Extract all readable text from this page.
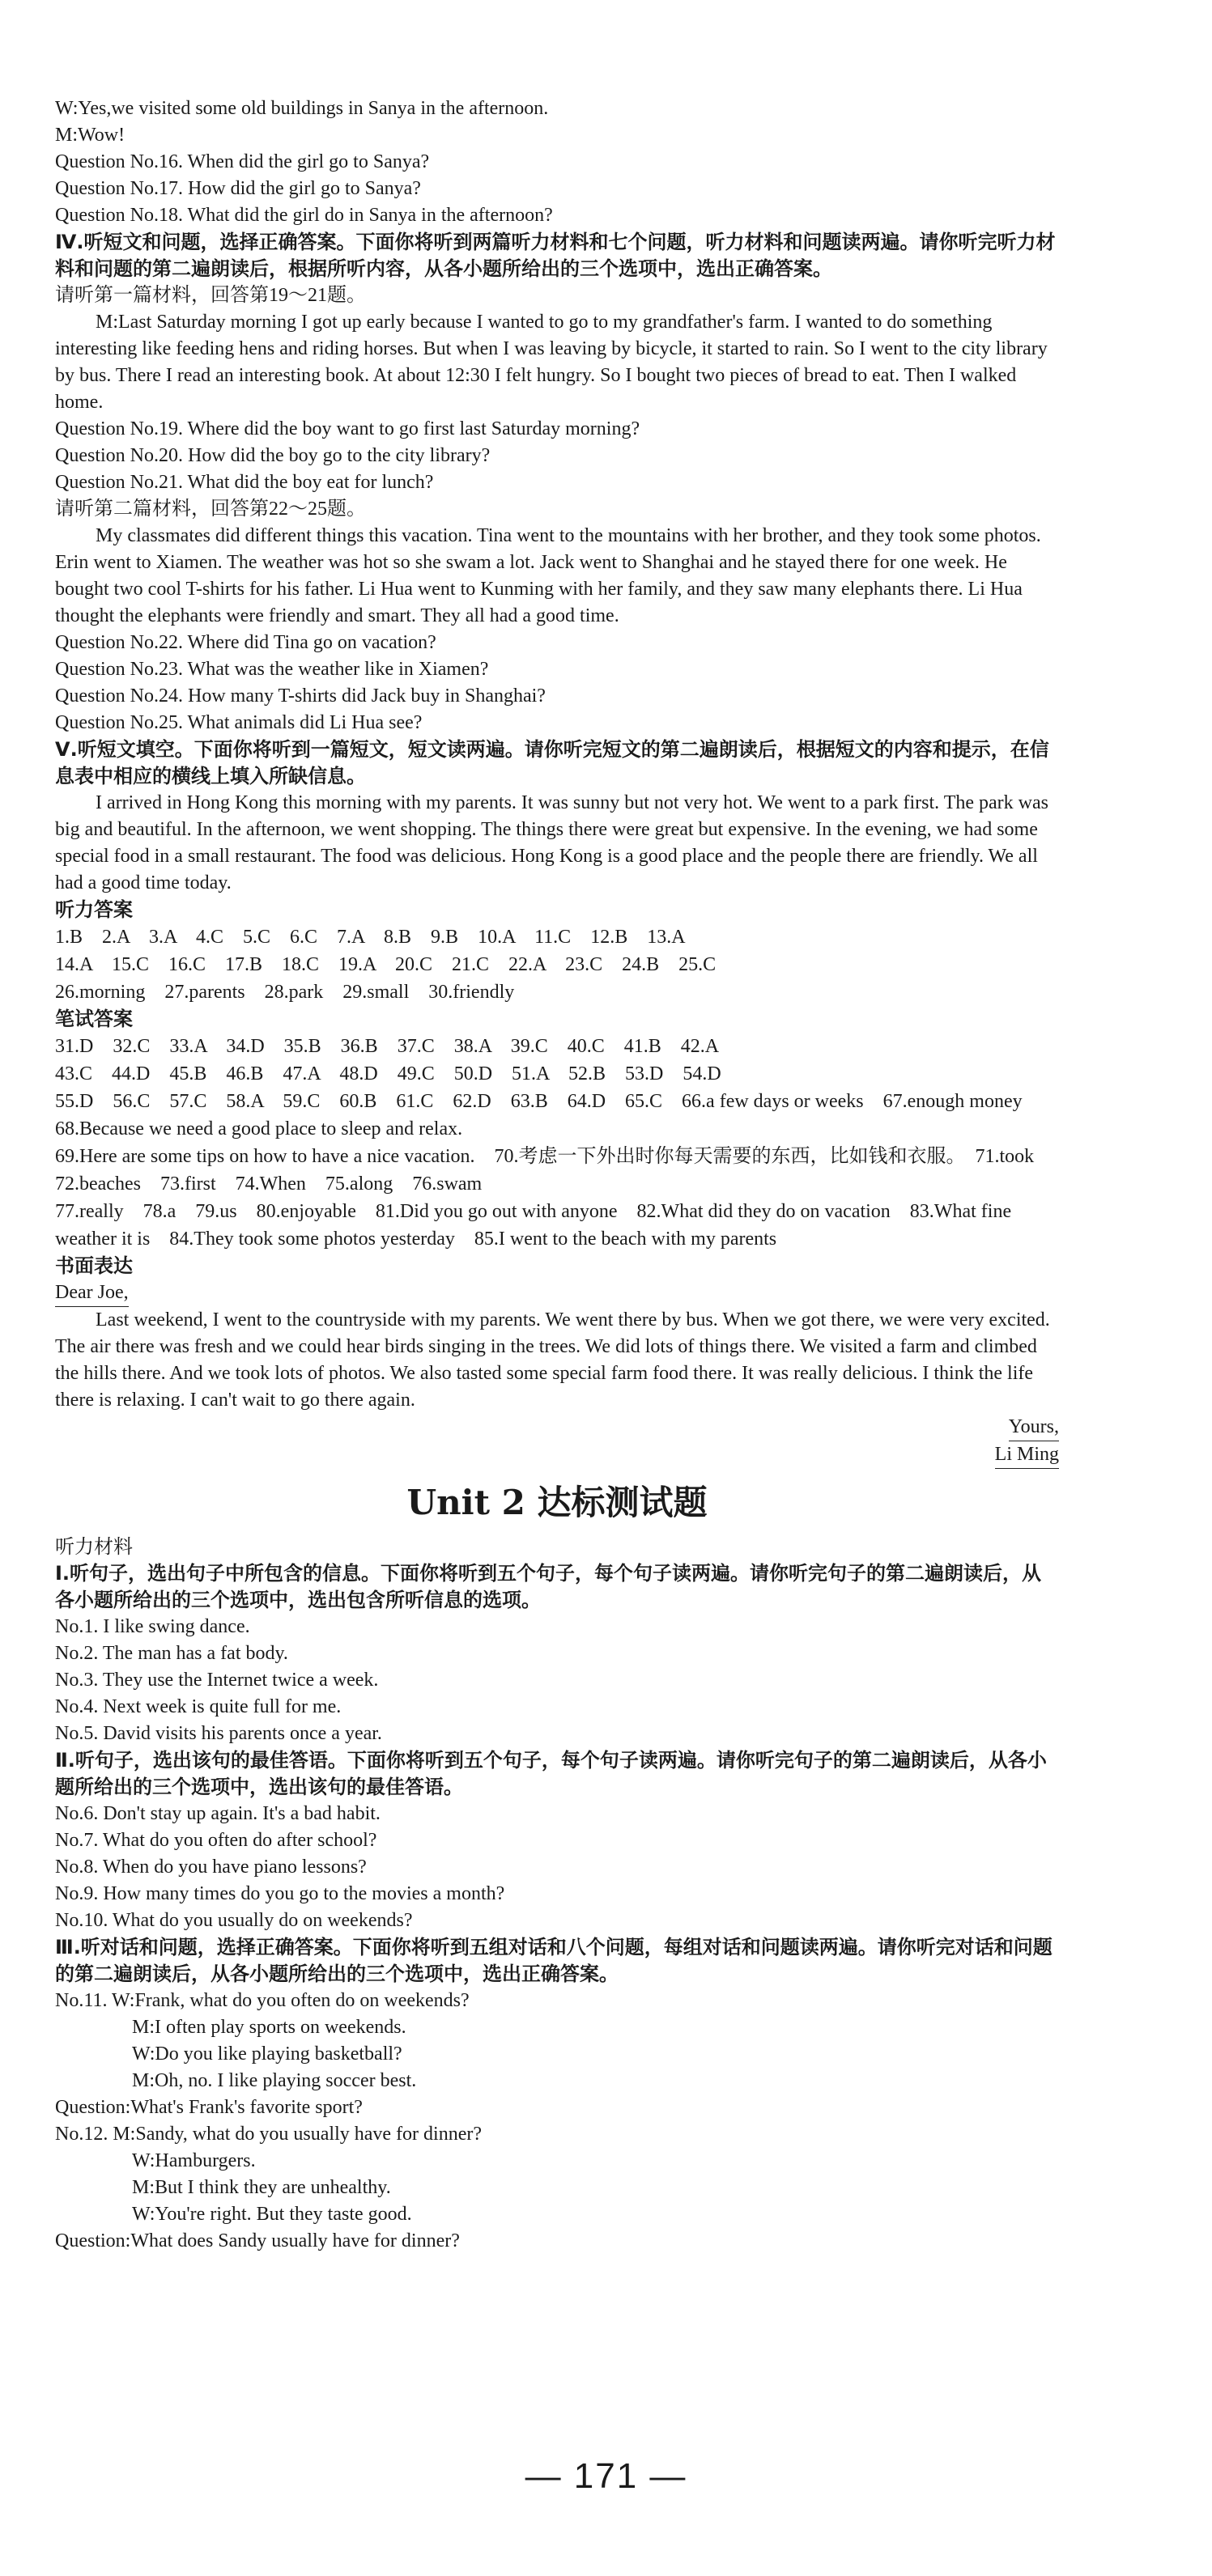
W:Yes,we visited some old buildings in Sanya in the afternoon.
M:Wow!
Question No.16. When did the girl go to Sanya?
Question No.17. How did the girl go to Sanya?
Question No.18. What did the girl do in Sanya in the afternoon?
Ⅳ.听短文和问题，选择正确答案。下面你将听到两篇听力材料和七个问题，听力材料和问题读两遍。请你听完听力材料和问题的第二遍朗读后，根据所听内容，从各小题所给出的三个选项中，选出正确答案。
请听第一篇材料，回答第19～21题。
M:Last Saturday morning I got up early because I wanted to go to my grandfather's farm. I wanted to do something interesting like feeding hens and riding horses. But when I was leaving by bicycle, it started to rain. So I went to the city library by bus. There I read an interesting book. At about 12:30 I felt hungry. So I bought two pieces of bread to eat. Then I walked home.
Question No.19. Where did the boy want to go first last Saturday morning?
Question No.20. How did the boy go to the city library?
Question No.21. What did the boy eat for lunch?
请听第二篇材料，回答第22～25题。
My classmates did different things this vacation. Tina went to the mountains with her brother, and they took some photos. Erin went to Xiamen. The weather was hot so she swam a lot. Jack went to Shanghai and he stayed there for one week. He bought two cool T-shirts for his father. Li Hua went to Kunming with her family, and they saw many elephants there. Li Hua thought the elephants were friendly and smart. They all had a good time.
Question No.22. Where did Tina go on vacation?
Question No.23. What was the weather like in Xiamen?
Question No.24. How many T-shirts did Jack buy in Shanghai?
Question No.25. What animals did Li Hua see?
Ⅴ.听短文填空。下面你将听到一篇短文，短文读两遍。请你听完短文的第二遍朗读后，根据短文的内容和提示，在信息表中相应的横线上填入所缺信息。
I arrived in Hong Kong this morning with my parents. It was sunny but not very hot. We went to a park first. The park was big and beautiful. In the afternoon, we went shopping. The things there were great but expensive. In the evening, we had some special food in a small restaurant. The food was delicious. Hong Kong is a good place and the people there are friendly. We all had a good time today.
听力答案
1.B　2.A　3.A　4.C　5.C　6.C　7.A　8.B　9.B　10.A　11.C　12.B　13.A
14.A　15.C　16.C　17.B　18.C　19.A　20.C　21.C　22.A　23.C　24.B　25.C
26.morning　27.parents　28.park　29.small　30.friendly
笔试答案
31.D　32.C　33.A　34.D　35.B　36.B　37.C　38.A　39.C　40.C　41.B　42.A
43.C　44.D　45.B　46.B　47.A　48.D　49.C　50.D　51.A　52.B　53.D　54.D
55.D　56.C　57.C　58.A　59.C　60.B　61.C　62.D　63.B　64.D　65.C　66.a few days or weeks　67.enough money　68.Because we need a good place to sleep and relax.
69.Here are some tips on how to have a nice vacation.　70.考虑一下外出时你每天需要的东西，比如钱和衣服。　71.took　72.beaches　73.first　74.When　75.along　76.swam
77.really　78.a　79.us　80.enjoyable　81.Did you go out with anyone　82.What did they do on vacation　83.What fine weather it is　84.They took some photos yesterday　85.I went to the beach with my parents
书面表达
Dear Joe,
Last weekend, I went to the countryside with my parents. We went there by bus. When we got there, we were very excited. The air there was fresh and we could hear birds singing in the trees. We did lots of things there. We visited a farm and climbed the hills there. And we took lots of photos. We also tasted some special farm food there. It was really delicious. I think the life there is relaxing. I can't wait to go there again.
Yours,
Li Ming
Unit 2 达标测试题
听力材料
Ⅰ.听句子，选出句子中所包含的信息。下面你将听到五个句子，每个句子读两遍。请你听完句子的第二遍朗读后，从各小题所给出的三个选项中，选出包含所听信息的选项。
No.1. I like swing dance.
No.2. The man has a fat body.
No.3. They use the Internet twice a week.
No.4. Next week is quite full for me.
No.5. David visits his parents once a year.
Ⅱ.听句子，选出该句的最佳答语。下面你将听到五个句子，每个句子读两遍。请你听完句子的第二遍朗读后，从各小题所给出的三个选项中，选出该句的最佳答语。
No.6. Don't stay up again. It's a bad habit.
No.7. What do you often do after school?
No.8. When do you have piano lessons?
No.9. How many times do you go to the movies a month?
No.10. What do you usually do on weekends?
Ⅲ.听对话和问题，选择正确答案。下面你将听到五组对话和八个问题，每组对话和问题读两遍。请你听完对话和问题的第二遍朗读后，从各小题所给出的三个选项中，选出正确答案。
No.11. W:Frank, what do you often do on weekends?
M:I often play sports on weekends.
W:Do you like playing basketball?
M:Oh, no. I like playing soccer best.
Question:What's Frank's favorite sport?
No.12. M:Sandy, what do you usually have for dinner?
W:Hamburgers.
M:But I think they are unhealthy.
W:You're right. But they taste good.
Question:What does Sandy usually have for dinner?
— 171 —
